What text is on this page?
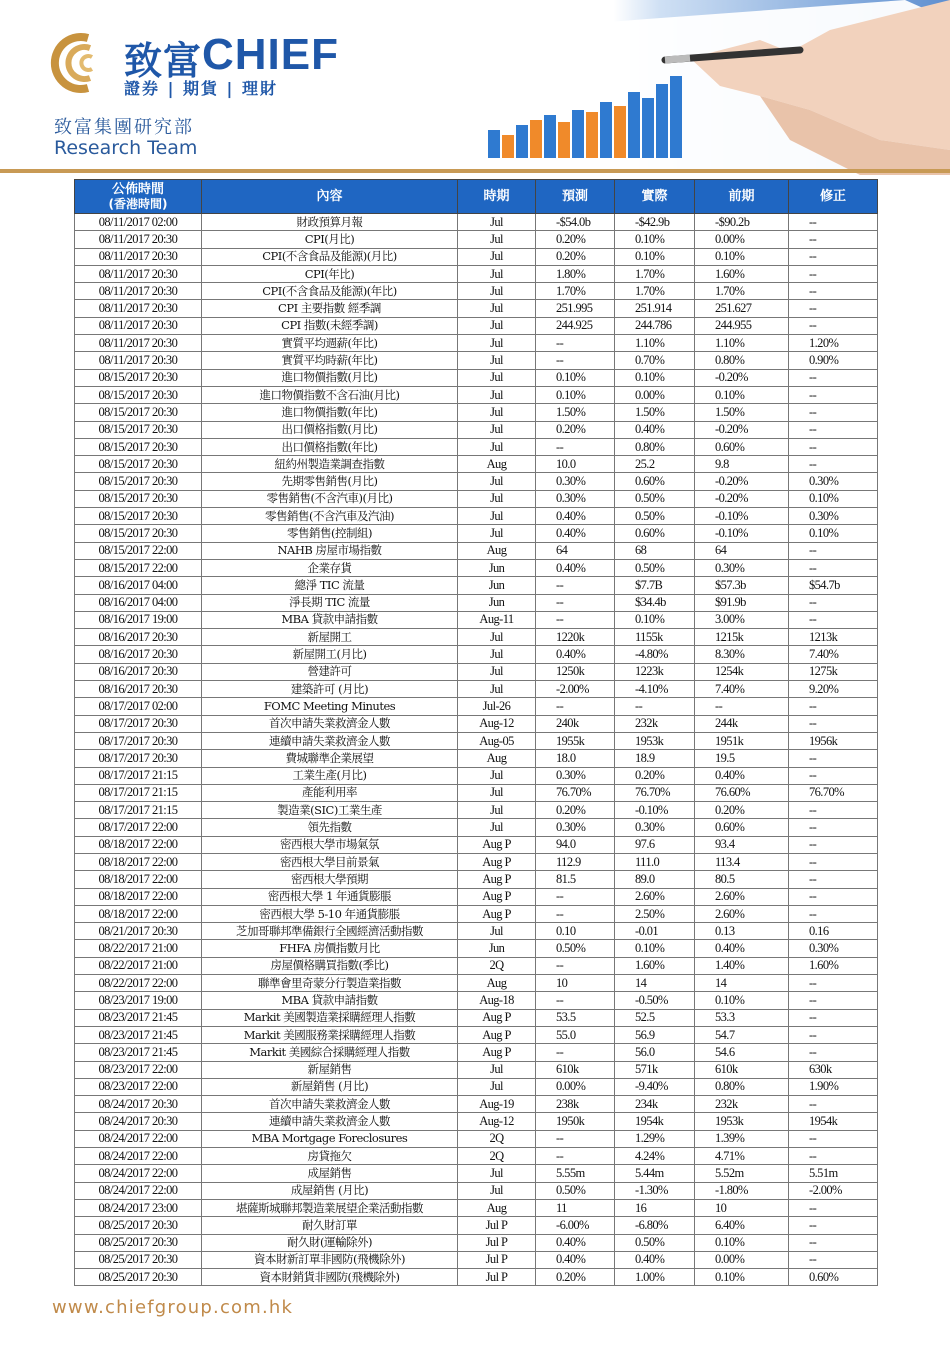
致富 CHIEF
證券 | 期貨 | 理財
致富集團研究部
Research Team
公佈時間
(香港時間)	內容	時期	預測	實際	前期	修正
08/11/2017 02:00	財政預算月報	Jul	-$54.0b	-$42.9b	-$90.2b	--
08/11/2017 20:30	CPI(月比)	Jul	0.20%	0.10%	0.00%	--
08/11/2017 20:30	CPI(不含食品及能源)(月比)	Jul	0.20%	0.10%	0.10%	--
08/11/2017 20:30	CPI(年比)	Jul	1.80%	1.70%	1.60%	--
08/11/2017 20:30	CPI(不含食品及能源)(年比)	Jul	1.70%	1.70%	1.70%	--
08/11/2017 20:30	CPI 主要指數 經季調	Jul	251.995	251.914	251.627	--
08/11/2017 20:30	CPI 指數(未經季調)	Jul	244.925	244.786	244.955	--
08/11/2017 20:30	實質平均週薪(年比)	Jul	--	1.10%	1.10%	1.20%
08/11/2017 20:30	實質平均時薪(年比)	Jul	--	0.70%	0.80%	0.90%
08/15/2017 20:30	進口物價指數(月比)	Jul	0.10%	0.10%	-0.20%	--
08/15/2017 20:30	進口物價指數不含石油(月比)	Jul	0.10%	0.00%	0.10%	--
08/15/2017 20:30	進口物價指數(年比)	Jul	1.50%	1.50%	1.50%	--
08/15/2017 20:30	出口價格指數(月比)	Jul	0.20%	0.40%	-0.20%	--
08/15/2017 20:30	出口價格指數(年比)	Jul	--	0.80%	0.60%	--
08/15/2017 20:30	紐約州製造業調查指數	Aug	10.0	25.2	9.8	--
08/15/2017 20:30	先期零售銷售(月比)	Jul	0.30%	0.60%	-0.20%	0.30%
08/15/2017 20:30	零售銷售(不含汽車)(月比)	Jul	0.30%	0.50%	-0.20%	0.10%
08/15/2017 20:30	零售銷售(不含汽車及汽油)	Jul	0.40%	0.50%	-0.10%	0.30%
08/15/2017 20:30	零售銷售(控制組)	Jul	0.40%	0.60%	-0.10%	0.10%
08/15/2017 22:00	NAHB 房屋市場指數	Aug	64	68	64	--
08/15/2017 22:00	企業存貨	Jun	0.40%	0.50%	0.30%	--
08/16/2017 04:00	總淨 TIC 流量	Jun	--	$7.7B	$57.3b	$54.7b
08/16/2017 04:00	淨長期 TIC 流量	Jun	--	$34.4b	$91.9b	--
08/16/2017 19:00	MBA 貸款申請指數	Aug-11	--	0.10%	3.00%	--
08/16/2017 20:30	新屋開工	Jul	1220k	1155k	1215k	1213k
08/16/2017 20:30	新屋開工(月比)	Jul	0.40%	-4.80%	8.30%	7.40%
08/16/2017 20:30	營建許可	Jul	1250k	1223k	1254k	1275k
08/16/2017 20:30	建築許可 (月比)	Jul	-2.00%	-4.10%	7.40%	9.20%
08/17/2017 02:00	FOMC Meeting Minutes	Jul-26	--	--	--	--
08/17/2017 20:30	首次申請失業救濟金人數	Aug-12	240k	232k	244k	--
08/17/2017 20:30	連續申請失業救濟金人數	Aug-05	1955k	1953k	1951k	1956k
08/17/2017 20:30	費城聯準企業展望	Aug	18.0	18.9	19.5	--
08/17/2017 21:15	工業生產(月比)	Jul	0.30%	0.20%	0.40%	--
08/17/2017 21:15	產能利用率	Jul	76.70%	76.70%	76.60%	76.70%
08/17/2017 21:15	製造業(SIC)工業生產	Jul	0.20%	-0.10%	0.20%	--
08/17/2017 22:00	領先指數	Jul	0.30%	0.30%	0.60%	--
08/18/2017 22:00	密西根大學市場氣氛	Aug P	94.0	97.6	93.4	--
08/18/2017 22:00	密西根大學目前景氣	Aug P	112.9	111.0	113.4	--
08/18/2017 22:00	密西根大學預期	Aug P	81.5	89.0	80.5	--
08/18/2017 22:00	密西根大學 1 年通貨膨脹	Aug P	--	2.60%	2.60%	--
08/18/2017 22:00	密西根大學 5-10 年通貨膨脹	Aug P	--	2.50%	2.60%	--
08/21/2017 20:30	芝加哥聯邦準備銀行全國經濟活動指數	Jul	0.10	-0.01	0.13	0.16
08/22/2017 21:00	FHFA 房價指數月比	Jun	0.50%	0.10%	0.40%	0.30%
08/22/2017 21:00	房屋價格購買指數(季比)	2Q	--	1.60%	1.40%	1.60%
08/22/2017 22:00	聯準會里奇蒙分行製造業指數	Aug	10	14	14	--
08/23/2017 19:00	MBA 貸款申請指數	Aug-18	--	-0.50%	0.10%	--
08/23/2017 21:45	Markit 美國製造業採購經理人指數	Aug P	53.5	52.5	53.3	--
08/23/2017 21:45	Markit 美國服務業採購經理人指數	Aug P	55.0	56.9	54.7	--
08/23/2017 21:45	Markit 美國綜合採購經理人指數	Aug P	--	56.0	54.6	--
08/23/2017 22:00	新屋銷售	Jul	610k	571k	610k	630k
08/23/2017 22:00	新屋銷售 (月比)	Jul	0.00%	-9.40%	0.80%	1.90%
08/24/2017 20:30	首次申請失業救濟金人數	Aug-19	238k	234k	232k	--
08/24/2017 20:30	連續申請失業救濟金人數	Aug-12	1950k	1954k	1953k	1954k
08/24/2017 22:00	MBA Mortgage Foreclosures	2Q	--	1.29%	1.39%	--
08/24/2017 22:00	房貸拖欠	2Q	--	4.24%	4.71%	--
08/24/2017 22:00	成屋銷售	Jul	5.55m	5.44m	5.52m	5.51m
08/24/2017 22:00	成屋銷售 (月比)	Jul	0.50%	-1.30%	-1.80%	-2.00%
08/24/2017 23:00	堪薩斯城聯邦製造業展望企業活動指數	Aug	11	16	10	--
08/25/2017 20:30	耐久財訂單	Jul P	-6.00%	-6.80%	6.40%	--
08/25/2017 20:30	耐久財(運輸除外)	Jul P	0.40%	0.50%	0.10%	--
08/25/2017 20:30	資本財新訂單非國防(飛機除外)	Jul P	0.40%	0.40%	0.00%	--
08/25/2017 20:30	資本財銷貨非國防(飛機除外)	Jul P	0.20%	1.00%	0.10%	0.60%
www.chiefgroup.com.hk
